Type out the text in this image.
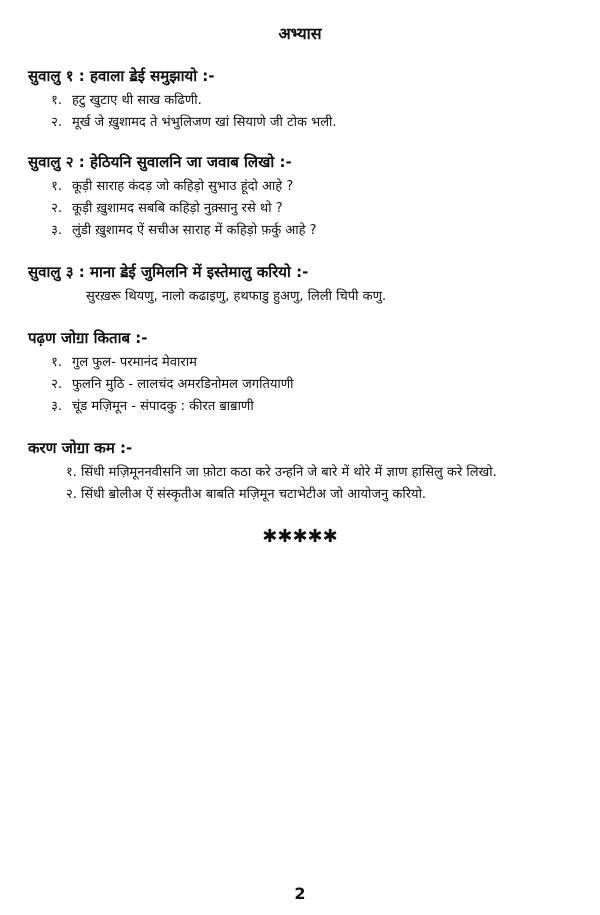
अभ्यास
सुवालु १ : हवाला ॾेई समुझायो :-
१. हटु खुटाए थी साख कढिणी.
२. मूर्ख जे ख़ुशामद ते भंभुलिजण खां सियाणे जी टोक भली.
सुवालु २ : हेठियनि सुवालनि जा जवाब लिखो :-
१. कूड़ी साराह कंदड़ जो कहिड़ो सुभाउ हूंदो आहे ?
२. कूड़ी ख़ुशामद सबबि कहिड़ो नुक़्सानु रसे थो ?
३. लुंडी ख़ुशामद ऐं सचीअ साराह में कहिड़ो फ़र्कु आहे ?
सुवालु ३ : माना ॾेई जुमिलनि में इस्तेमालु करियो :-
सुरख़रू थियणु, नालो कढाइणु, हथफाडु हुअणु, लिली चिपी कणु.
पढ़ण जोॻा किताब :-
१. गुल फुल- परमानंद मेवाराम
२. फुलनि मुठि - लालचंद अमरडिनोमल जगतियाणी
३. चूंड मज़िमून - संपादकु : कीरत ॿाॿाणी
करण जोॻा कम :-
१. सिंधी मज़िमूननवीसनि जा फ़ोटा कठा करे उन्हनि जे बारे में थोरे में ज्ञाण हासिलु करे लिखो.
२. सिंधी ॿोलीअ ऐं संस्कृतीअ बाबति मज़िमून चटाभेटीअ जो आयोजनु करियो.
✱✱✱✱✱
2
